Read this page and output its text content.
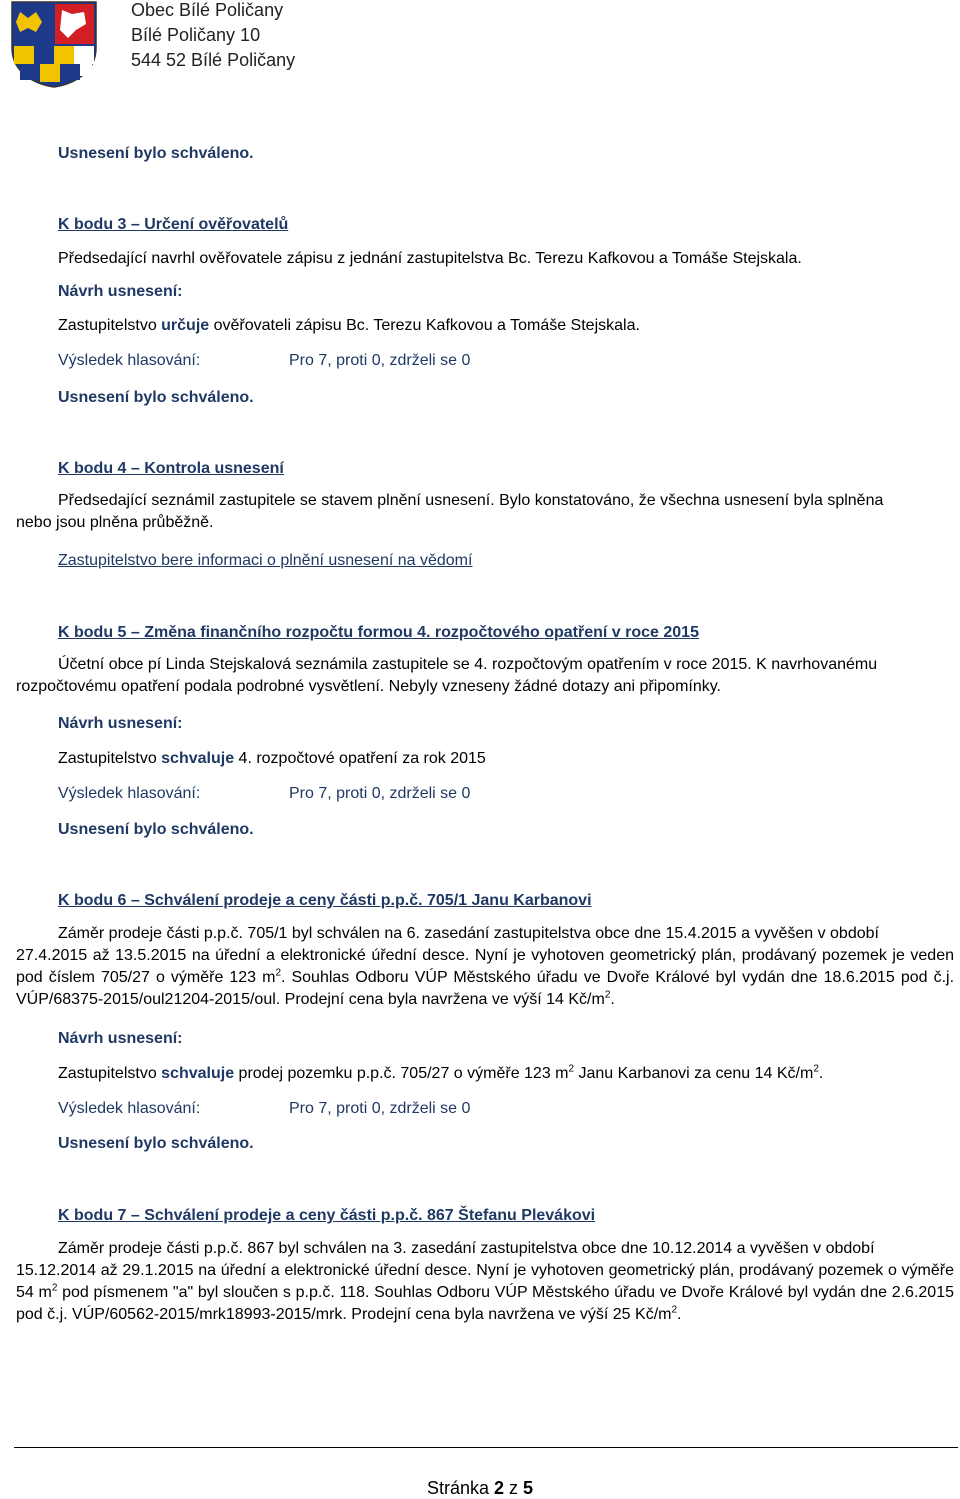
Obec Bílé Poličany
Bílé Poličany 10
544 52 Bílé Poličany
Usnesení bylo schváleno.
K bodu 3 – Určení ověřovatelů
Předsedající navrhl ověřovatele zápisu z jednání zastupitelstva Bc. Terezu Kafkovou a Tomáše Stejskala.
Návrh usnesení:
Zastupitelstvo určuje ověřovateli zápisu Bc. Terezu Kafkovou a Tomáše Stejskala.
Výsledek hlasování:	Pro 7, proti 0, zdrželi se 0
Usnesení bylo schváleno.
K bodu 4 – Kontrola usnesení
Předsedající seznámil zastupitele se stavem plnění usnesení. Bylo konstatováno, že všechna usnesení byla splněna
nebo jsou plněna průběžně.
Zastupitelstvo bere informaci o plnění usnesení na vědomí
K bodu 5 – Změna finančního rozpočtu formou 4. rozpočtového opatření v roce 2015
Účetní obce pí Linda Stejskalová seznámila zastupitele se 4. rozpočtovým opatřením v roce 2015. K navrhovanému
rozpočtovému opatření podala podrobné vysvětlení. Nebyly vzneseny žádné dotazy ani připomínky.
Návrh usnesení:
Zastupitelstvo schvaluje 4. rozpočtové opatření za rok 2015
Výsledek hlasování:	Pro 7, proti 0, zdrželi se 0
Usnesení bylo schváleno.
K bodu 6 – Schválení prodeje a ceny části p.p.č. 705/1 Janu Karbanovi
Záměr prodeje části p.p.č. 705/1 byl schválen na 6. zasedání zastupitelstva obce dne 15.4.2015 a vyvěšen v období
27.4.2015 až 13.5.2015 na úřední a elektronické úřední desce. Nyní je vyhotoven geometrický plán, prodávaný pozemek je veden pod číslem 705/27 o výměře 123 $m^2$. Souhlas Odboru VÚP Městského úřadu ve Dvoře Králové byl vydán dne 18.6.2015 pod č.j. VÚP/68375-2015/oul21204-2015/oul. Prodejní cena byla navržena ve výší 14 $Kč/m^2$.
Návrh usnesení:
Zastupitelstvo schvaluje prodej pozemku p.p.č. 705/27 o výměře 123 $m^2$ Janu Karbanovi za cenu 14 $Kč/m^2$.
Výsledek hlasování:	Pro 7, proti 0, zdrželi se 0
Usnesení bylo schváleno.
K bodu 7 – Schválení prodeje a ceny části p.p.č. 867 Štefanu Plevákovi
Záměr prodeje části p.p.č. 867 byl schválen na 3. zasedání zastupitelstva obce dne 10.12.2014 a vyvěšen v období
15.12.2014 až 29.1.2015 na úřední a elektronické úřední desce. Nyní je vyhotoven geometrický plán, prodávaný pozemek o výměře 54 $m^2$ pod písmenem "a" byl sloučen s p.p.č. 118. Souhlas Odboru VÚP Městského úřadu ve Dvoře Králové byl vydán dne 2.6.2015 pod č.j. VÚP/60562-2015/mrk18993-2015/mrk. Prodejní cena byla navržena ve výší 25 $Kč/m^2$.
Stránka 2 z 5
